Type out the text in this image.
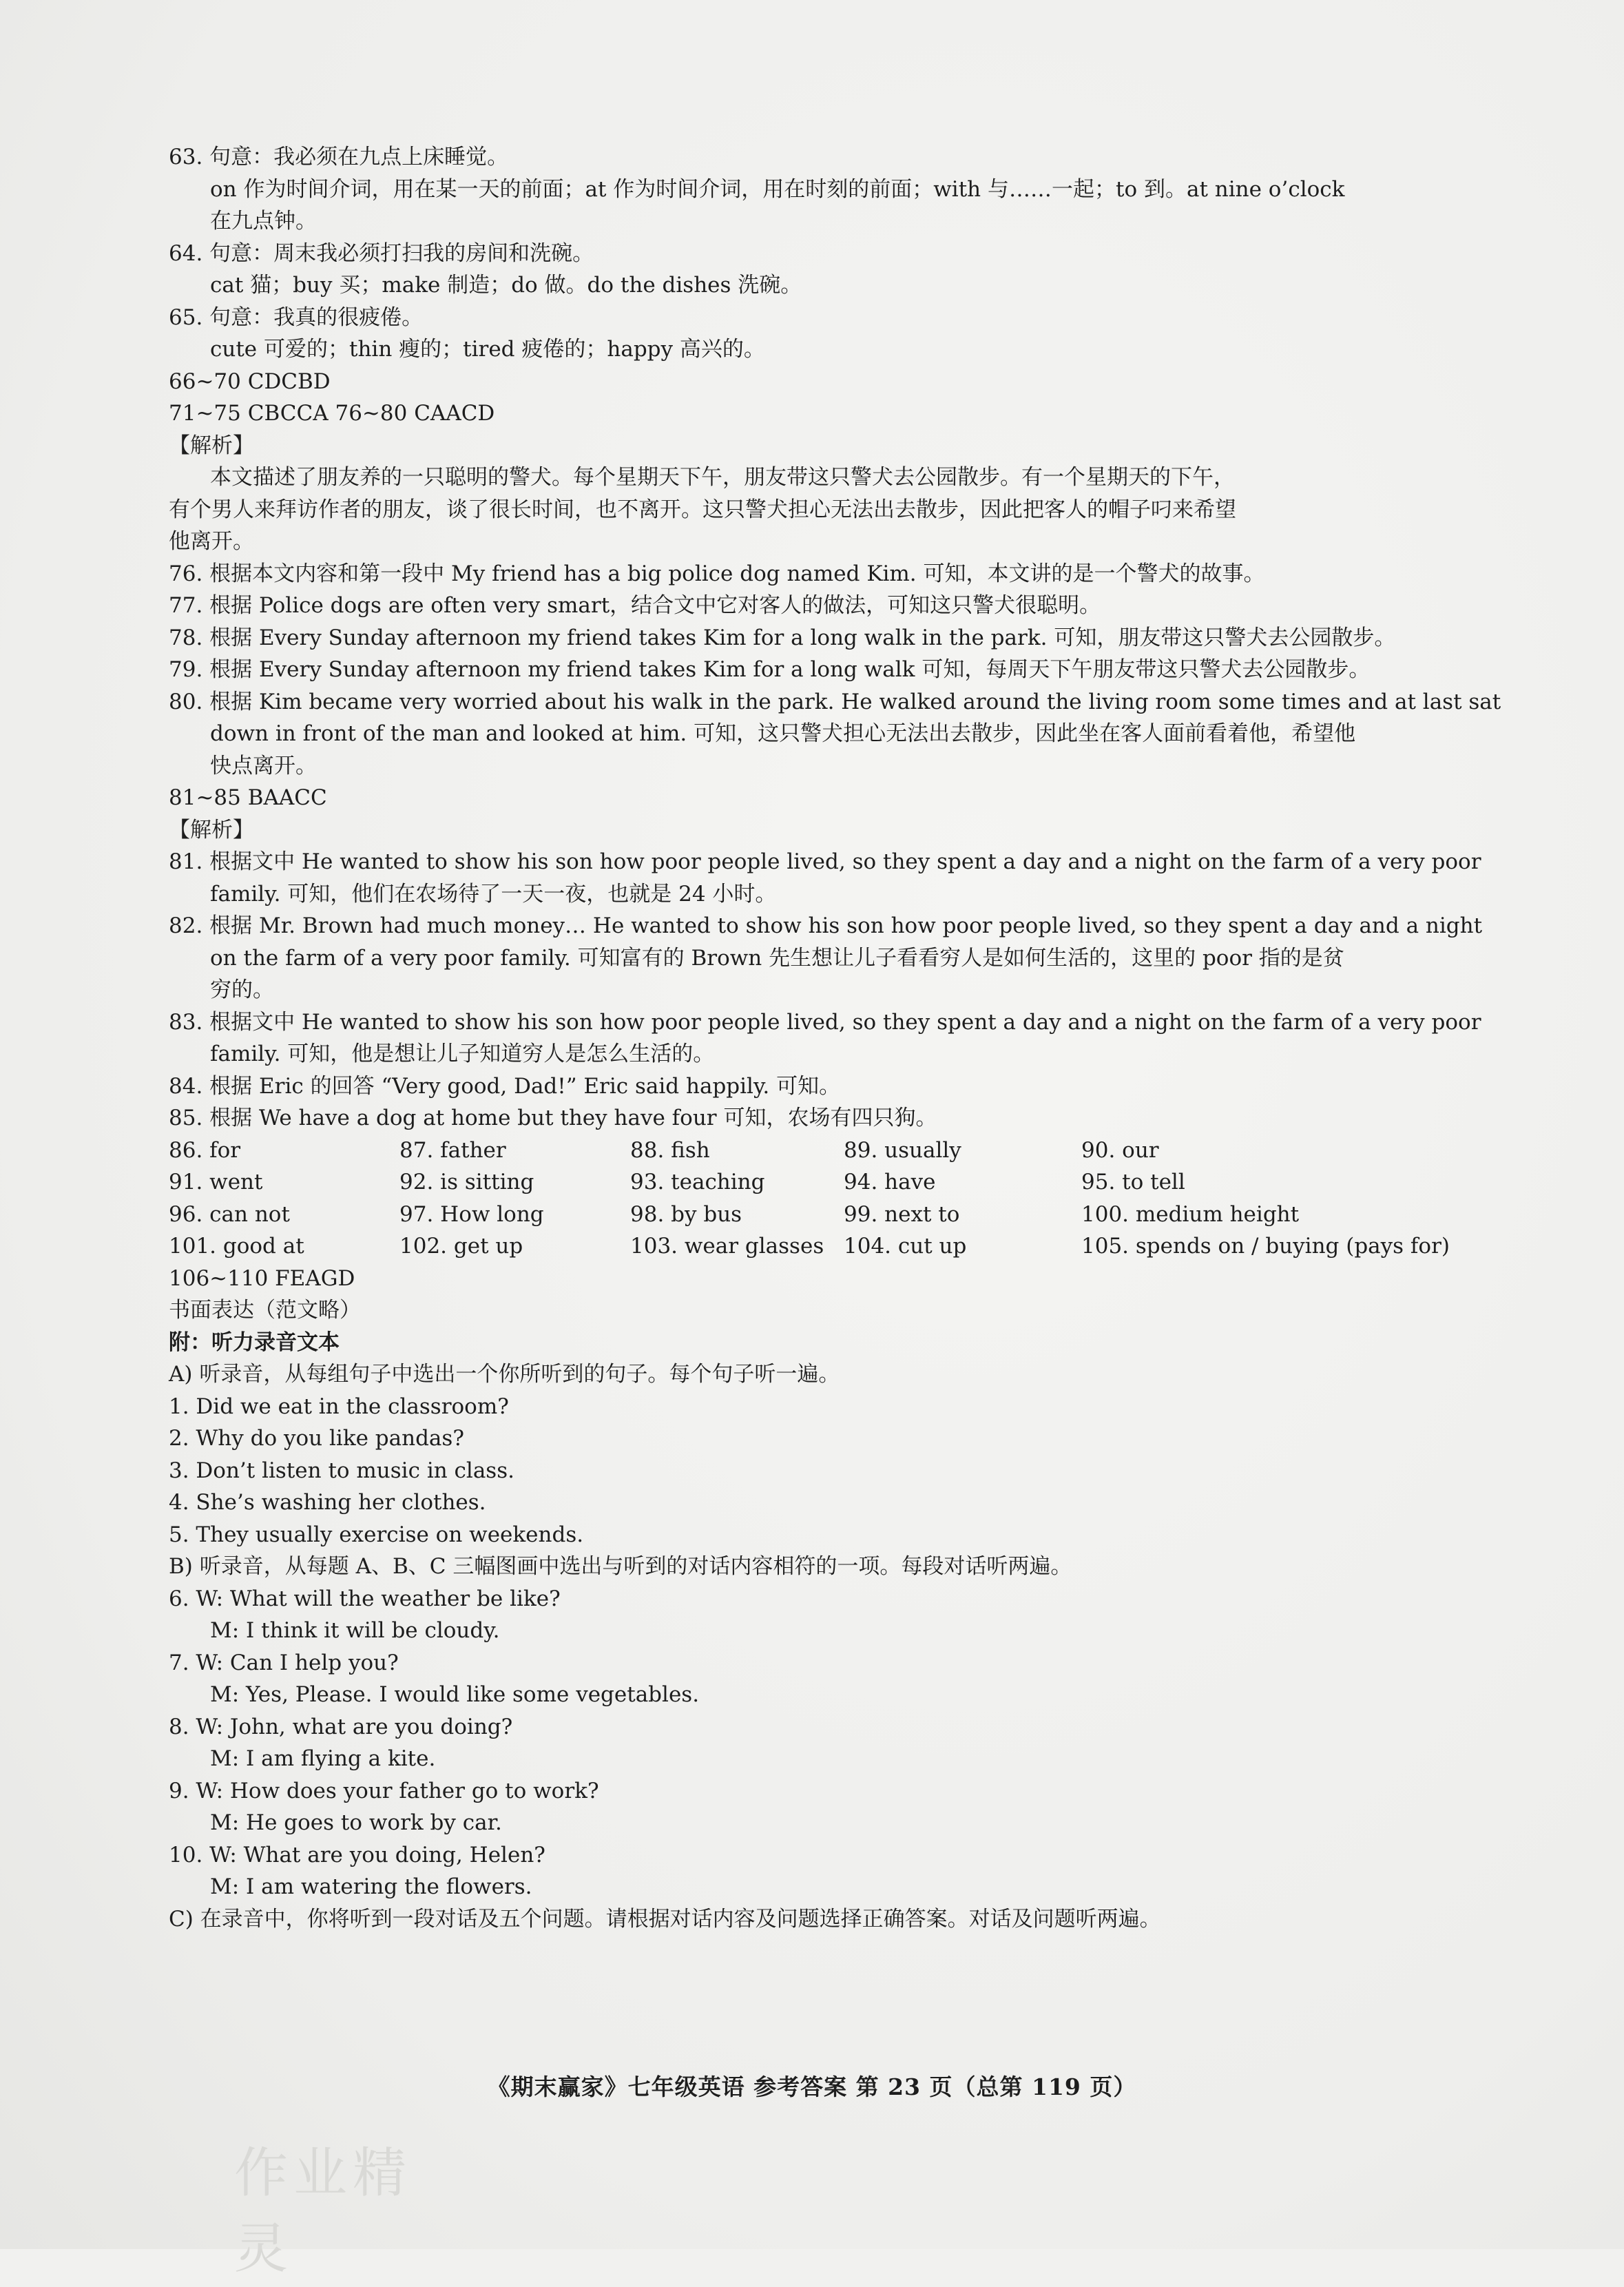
63. 句意：我必须在九点上床睡觉。
on 作为时间介词，用在某一天的前面；at 作为时间介词，用在时刻的前面；with 与……一起；to 到。at nine o’clock
在九点钟。
64. 句意：周末我必须打扫我的房间和洗碗。
cat 猫；buy 买；make 制造；do 做。do the dishes 洗碗。
65. 句意：我真的很疲倦。
cute 可爱的；thin 瘦的；tired 疲倦的；happy 高兴的。
66~70 CDCBD
71~75 CBCCA 76~80 CAACD
【解析】
本文描述了朋友养的一只聪明的警犬。每个星期天下午，朋友带这只警犬去公园散步。有一个星期天的下午，
有个男人来拜访作者的朋友，谈了很长时间，也不离开。这只警犬担心无法出去散步，因此把客人的帽子叼来希望
他离开。
76. 根据本文内容和第一段中 My friend has a big police dog named Kim. 可知，本文讲的是一个警犬的故事。
77. 根据 Police dogs are often very smart，结合文中它对客人的做法，可知这只警犬很聪明。
78. 根据 Every Sunday afternoon my friend takes Kim for a long walk in the park. 可知，朋友带这只警犬去公园散步。
79. 根据 Every Sunday afternoon my friend takes Kim for a long walk 可知，每周天下午朋友带这只警犬去公园散步。
80. 根据 Kim became very worried about his walk in the park. He walked around the living room some times and at last sat
down in front of the man and looked at him. 可知，这只警犬担心无法出去散步，因此坐在客人面前看着他，希望他
快点离开。
81~85 BAACC
【解析】
81. 根据文中 He wanted to show his son how poor people lived, so they spent a day and a night on the farm of a very poor
family. 可知，他们在农场待了一天一夜，也就是 24 小时。
82. 根据 Mr. Brown had much money… He wanted to show his son how poor people lived, so they spent a day and a night
on the farm of a very poor family. 可知富有的 Brown 先生想让儿子看看穷人是如何生活的，这里的 poor 指的是贫
穷的。
83. 根据文中 He wanted to show his son how poor people lived, so they spent a day and a night on the farm of a very poor
family. 可知，他是想让儿子知道穷人是怎么生活的。
84. 根据 Eric 的回答 “Very good, Dad!” Eric said happily. 可知。
85. 根据 We have a dog at home but they have four 可知，农场有四只狗。
86. for	87. father	88. fish	89. usually	90. our
91. went	92. is sitting	93. teaching	94. have	95. to tell
96. can not	97. How long	98. by bus	99. next to	100. medium height
101. good at	102. get up	103. wear glasses 104. cut up	105. spends on / buying (pays for)
106~110 FEAGD
书面表达（范文略）
附：听力录音文本
A) 听录音，从每组句子中选出一个你所听到的句子。每个句子听一遍。
1. Did we eat in the classroom?
2. Why do you like pandas?
3. Don’t listen to music in class.
4. She’s washing her clothes.
5. They usually exercise on weekends.
B) 听录音，从每题 A、B、C 三幅图画中选出与听到的对话内容相符的一项。每段对话听两遍。
6. W: What will the weather be like?
M: I think it will be cloudy.
7. W: Can I help you?
M: Yes, Please. I would like some vegetables.
8. W: John, what are you doing?
M: I am flying a kite.
9. W: How does your father go to work?
M: He goes to work by car.
10. W: What are you doing, Helen?
M: I am watering the flowers.
C) 在录音中，你将听到一段对话及五个问题。请根据对话内容及问题选择正确答案。对话及问题听两遍。
《期末赢家》七年级英语 参考答案 第 23 页（总第 119 页）
作业精灵
